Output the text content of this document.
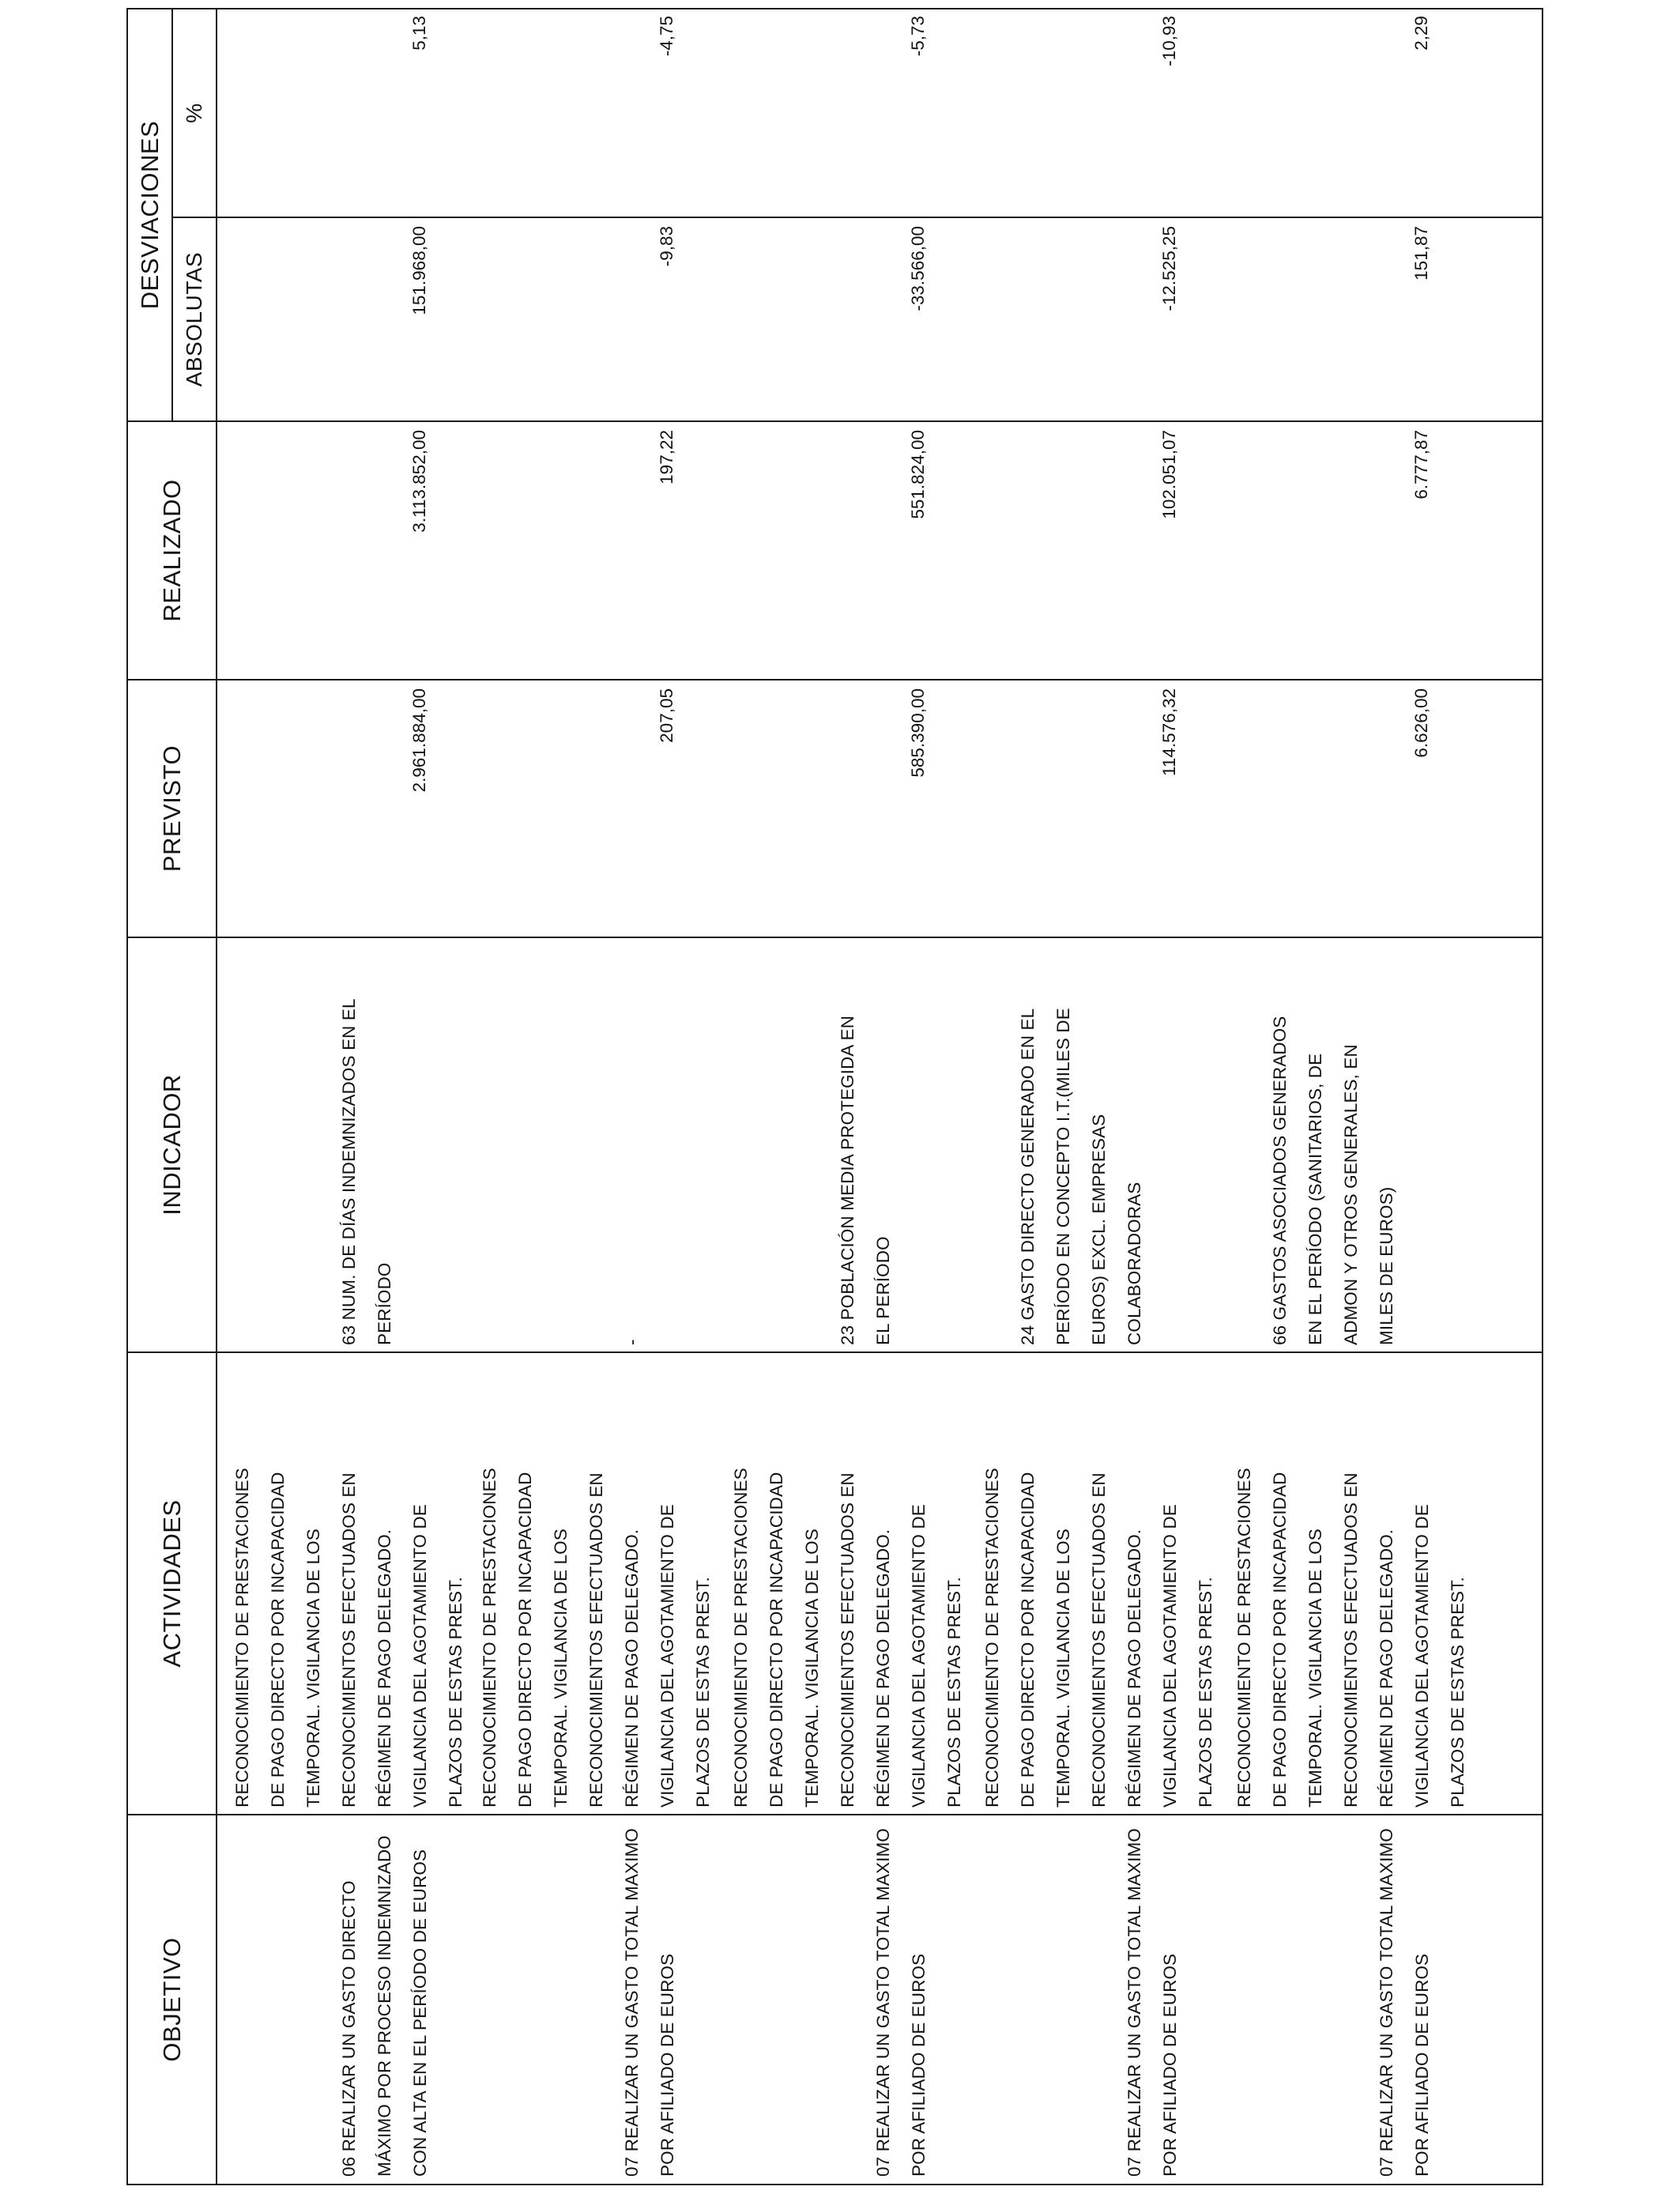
OBJETIVO
ACTIVIDADES
INDICADOR
PREVISTO
REALIZADO
DESVIACIONES
ABSOLUTAS
%
06 REALIZAR UN GASTO DIRECTO MÁXIMO POR PROCESO INDEMNIZADO CON ALTA EN EL PERÍODO DE EUROS
RECONOCIMIENTO DE PRESTACIONES DE PAGO DIRECTO POR INCAPACIDAD TEMPORAL. VIGILANCIA DE LOS RECONOCIMIENTOS EFECTUADOS EN RÉGIMEN DE PAGO DELEGADO. VIGILANCIA DEL AGOTAMIENTO DE PLAZOS DE ESTAS PREST.
63 NUM. DE DÍAS INDEMNIZADOS EN EL PERÍODO
2.961.884,00
3.113.852,00
151.968,00
5,13
07 REALIZAR UN GASTO TOTAL MAXIMO POR AFILIADO DE EUROS
RECONOCIMIENTO DE PRESTACIONES DE PAGO DIRECTO POR INCAPACIDAD TEMPORAL. VIGILANCIA DE LOS RECONOCIMIENTOS EFECTUADOS EN RÉGIMEN DE PAGO DELEGADO. VIGILANCIA DEL AGOTAMIENTO DE PLAZOS DE ESTAS PREST.
-
207,05
197,22
-9,83
-4,75
07 REALIZAR UN GASTO TOTAL MAXIMO POR AFILIADO DE EUROS
RECONOCIMIENTO DE PRESTACIONES DE PAGO DIRECTO POR INCAPACIDAD TEMPORAL. VIGILANCIA DE LOS RECONOCIMIENTOS EFECTUADOS EN RÉGIMEN DE PAGO DELEGADO. VIGILANCIA DEL AGOTAMIENTO DE PLAZOS DE ESTAS PREST.
23 POBLACIÓN MEDIA PROTEGIDA EN EL PERÍODO
585.390,00
551.824,00
-33.566,00
-5,73
07 REALIZAR UN GASTO TOTAL MAXIMO POR AFILIADO DE EUROS
RECONOCIMIENTO DE PRESTACIONES DE PAGO DIRECTO POR INCAPACIDAD TEMPORAL. VIGILANCIA DE LOS RECONOCIMIENTOS EFECTUADOS EN RÉGIMEN DE PAGO DELEGADO. VIGILANCIA DEL AGOTAMIENTO DE PLAZOS DE ESTAS PREST.
24 GASTO DIRECTO GENERADO EN EL PERÍODO EN CONCEPTO I.T.(MILES DE EUROS) EXCL. EMPRESAS COLABORADORAS
114.576,32
102.051,07
-12.525,25
-10,93
07 REALIZAR UN GASTO TOTAL MAXIMO POR AFILIADO DE EUROS
RECONOCIMIENTO DE PRESTACIONES DE PAGO DIRECTO POR INCAPACIDAD TEMPORAL. VIGILANCIA DE LOS RECONOCIMIENTOS EFECTUADOS EN RÉGIMEN DE PAGO DELEGADO. VIGILANCIA DEL AGOTAMIENTO DE PLAZOS DE ESTAS PREST.
66 GASTOS ASOCIADOS GENERADOS EN EL PERÍODO (SANITARIOS, DE ADMON Y OTROS GENERALES, EN MILES DE EUROS)
6.626,00
6.777,87
151,87
2,29
